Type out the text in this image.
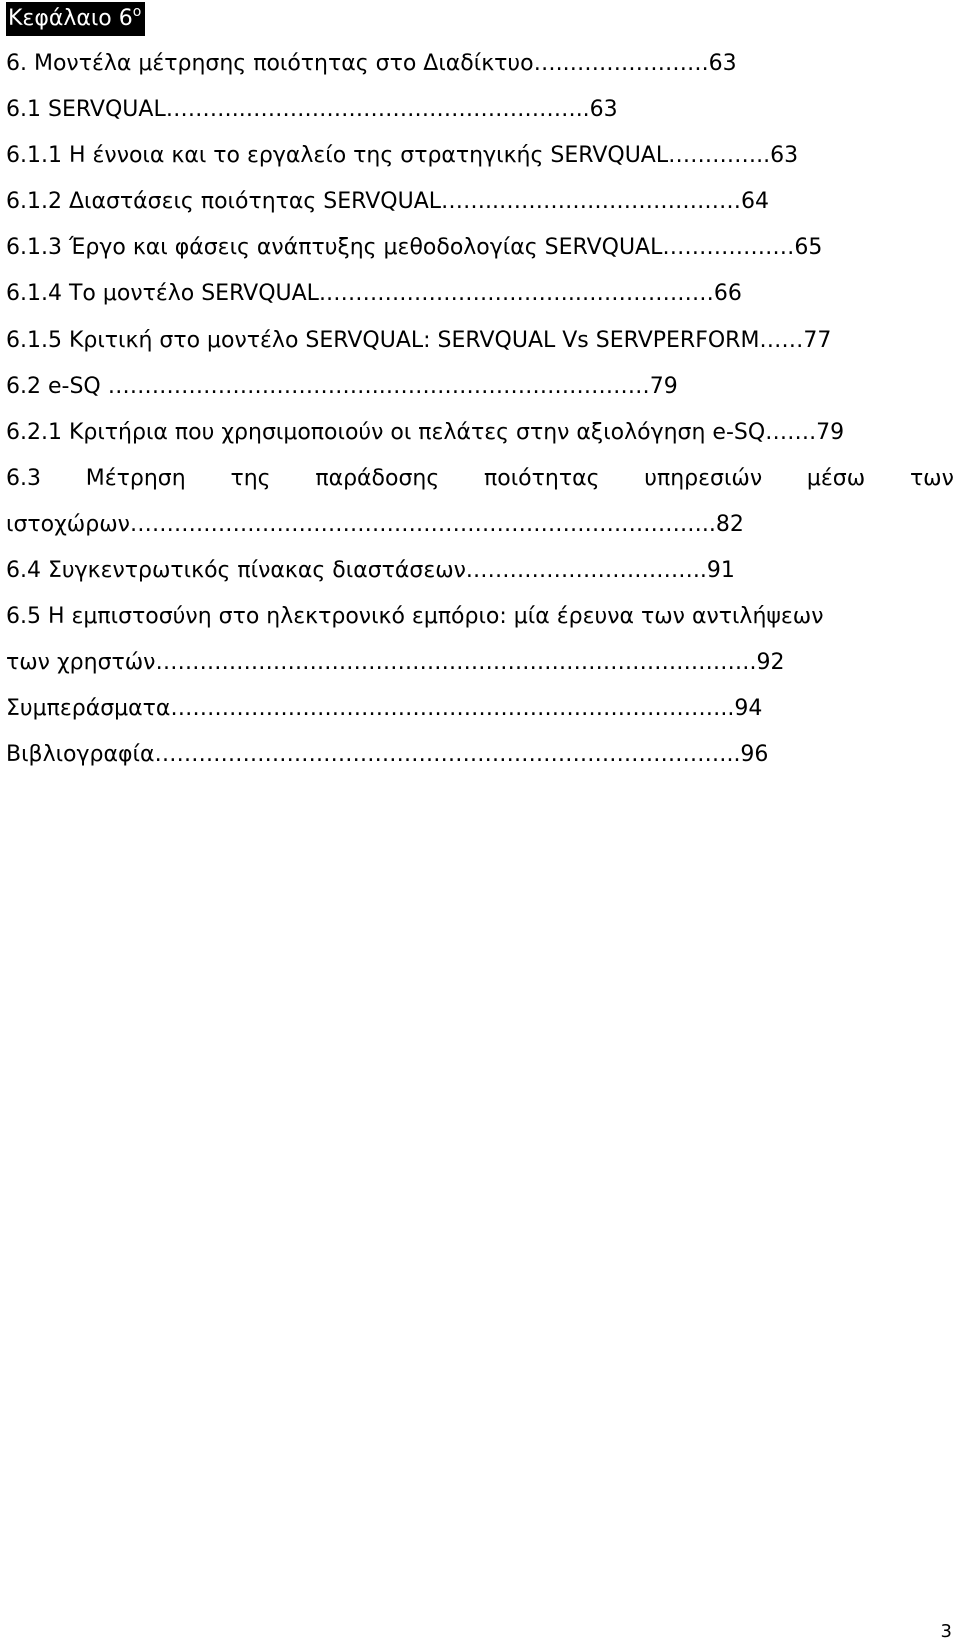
Κεφάλαιο $6^o$
6. Μοντέλα μέτρησης ποιότητας στο Διαδίκτυο…..……………….63
6.1 SERVQUAL………..………………………………………..63
6.1.1 Η έννοια και το εργαλείο της στρατηγικής SERVQUAL…………..63
6.1.2 Διαστάσεις ποιότητας SERVQUAL……..……………………………64
6.1.3 Έργο και φάσεις ανάπτυξης μεθοδολογίας SERVQUAL………………65
6.1.4 Το μοντέλο SERVQUAL.……………………………..………………66
6.1.5 Κριτική στο μοντέλο SERVQUAL: SERVQUAL Vs SERVPERFORM……77
6.2 e-SQ ………………………………..………………………………79
6.2.1 Κριτήρια που χρησιμοποιούν οι πελάτες στην αξιολόγηση e-SQ…….79
6.3 Μέτρηση της παράδοσης ποιότητας υπηρεσιών μέσω των
ιστοχώρων……………………………………………………………………..82
6.4 Συγκεντρωτικός πίνακας διαστάσεων.…………………………..91
6.5 Η εμπιστοσύνη στο ηλεκτρονικό εμπόριο: μία έρευνα των αντιλήψεων
των χρηστών……………………………………………………………………….92
Συμπεράσματα…………………………………………………………………..94
Βιβλιογραφία……………………………………………………………………..96
3
